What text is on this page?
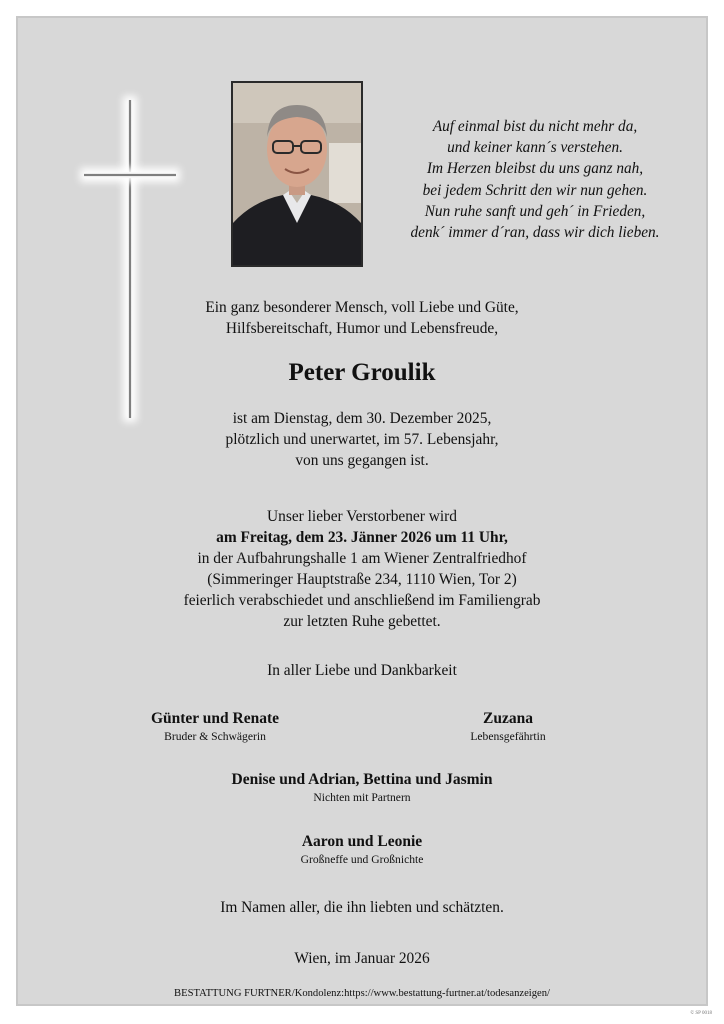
Auf einmal bist du nicht mehr da,
und keiner kann´s verstehen.
Im Herzen bleibst du uns ganz nah,
bei jedem Schritt den wir nun gehen.
Nun ruhe sanft und geh´ in Frieden,
denk´ immer d´ran, dass wir dich lieben.
Ein ganz besonderer Mensch, voll Liebe und Güte,
Hilfsbereitschaft, Humor und Lebensfreude,
Peter Groulik
ist am Dienstag, dem 30. Dezember 2025,
plötzlich und unerwartet, im 57. Lebensjahr,
von uns gegangen ist.
Unser lieber Verstorbener wird
am Freitag, dem 23. Jänner 2026 um 11 Uhr,
in der Aufbahrungshalle 1 am Wiener Zentralfriedhof
(Simmeringer Hauptstraße 234, 1110 Wien, Tor 2)
feierlich verabschiedet und anschließend im Familiengrab
zur letzten Ruhe gebettet.
In aller Liebe und Dankbarkeit
Günter und Renate
Bruder & Schwägerin
Zuzana
Lebensgefährtin
Denise und Adrian, Bettina und Jasmin
Nichten mit Partnern
Aaron und Leonie
Großneffe und Großnichte
Im Namen aller, die ihn liebten und schätzten.
Wien, im Januar 2026
BESTATTUNG FURTNER/Kondolenz:https://www.bestattung-furtner.at/todesanzeigen/
© SP 0018
